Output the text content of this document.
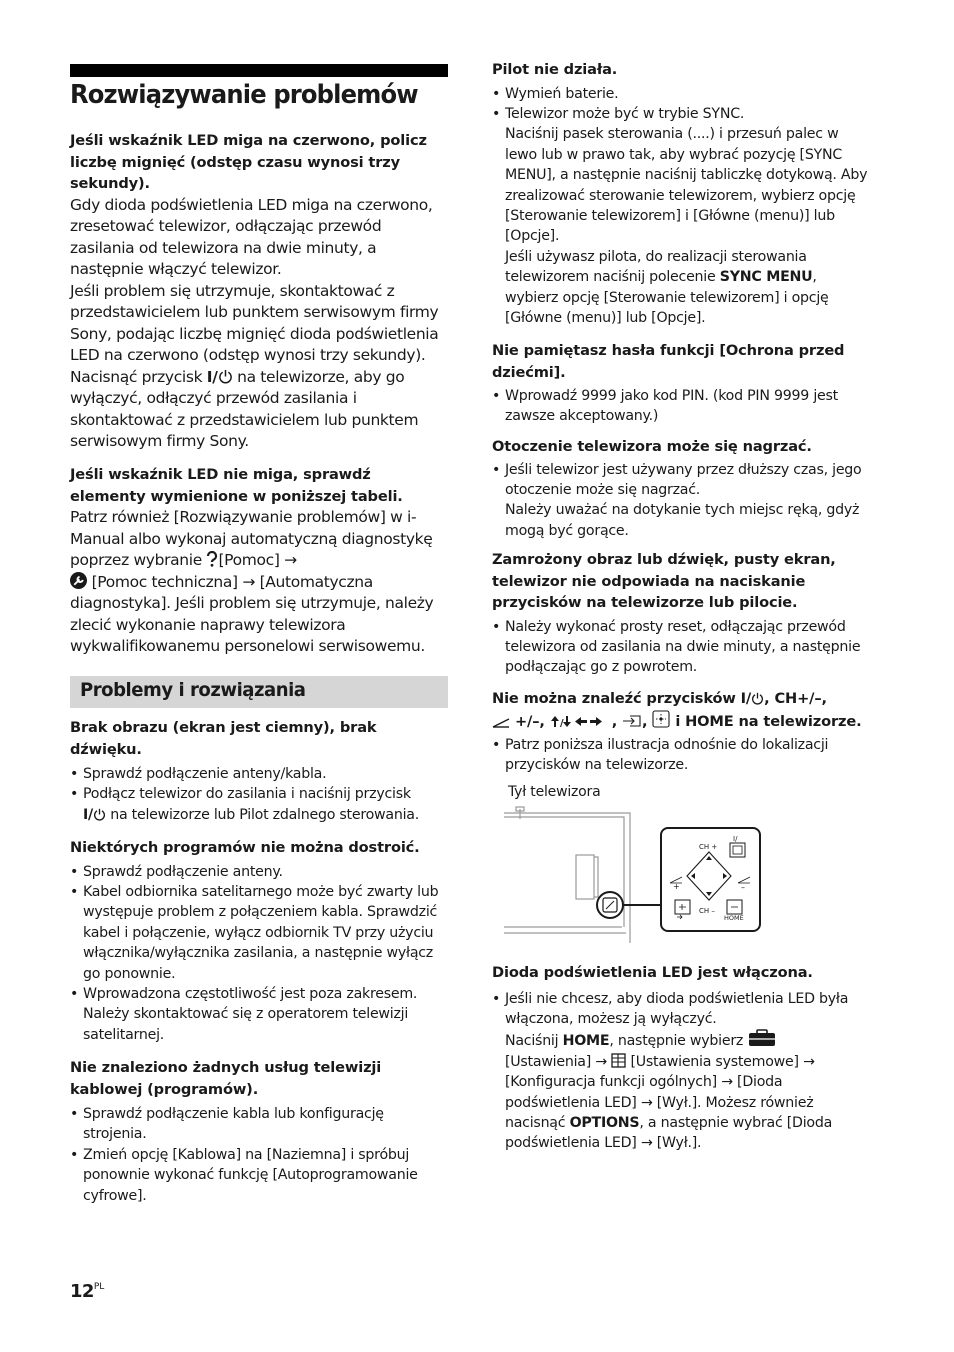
Rozwiązywanie problemów
Jeśli wskaźnik LED miga na czerwono, policz liczbę mignięć (odstęp czasu wynosi trzy sekundy).
Gdy dioda podświetlenia LED miga na czerwono, zresetować telewizor, odłączając przewód zasilania od telewizora na dwie minuty, a następnie włączyć telewizor.
Jeśli problem się utrzymuje, skontaktować z przedstawicielem lub punktem serwisowym firmy Sony, podając liczbę mignięć dioda podświetlenia LED na czerwono (odstęp wynosi trzy sekundy). Nacisnąć przycisk I/ na telewizorze, aby go wyłączyć, odłączyć przewód zasilania i skontaktować z przedstawicielem lub punktem serwisowym firmy Sony.
Jeśli wskaźnik LED nie miga, sprawdź elementy wymienione w poniższej tabeli.
Patrz również [Rozwiązywanie problemów] w i-Manual albo wykonaj automatyczną diagnostykę poprzez wybranie [Pomoc] →
[Pomoc techniczna] → [Automatyczna diagnostyka]. Jeśli problem się utrzymuje, należy zlecić wykonanie naprawy telewizora wykwalifikowanemu personelowi serwisowemu.
Problemy i rozwiązania
Brak obrazu (ekran jest ciemny), brak dźwięku.
• Sprawdź podłączenie anteny/kabla.
• Podłącz telewizor do zasilania i naciśnij przycisk
I/ na telewizorze lub Pilot zdalnego sterowania.
Niektórych programów nie można dostroić.
• Sprawdź podłączenie anteny.
• Kabel odbiornika satelitarnego może być zwarty lub występuje problem z połączeniem kabla. Sprawdzić kabel i połączenie, wyłącz odbiornik TV przy użyciu włącznika/wyłącznika zasilania, a następnie wyłącz go ponownie.
• Wprowadzona częstotliwość jest poza zakresem. Należy skontaktować się z operatorem telewizji satelitarnej.
Nie znaleziono żadnych usług telewizji kablowej (programów).
• Sprawdź podłączenie kabla lub konfigurację strojenia.
• Zmień opcję [Kablowa] na [Naziemna] i spróbuj ponownie wykonać funkcję [Autoprogramowanie cyfrowe].
$12^{PL}$
Pilot nie działa.
• Wymień baterie.
• Telewizor może być w trybie SYNC.
Naciśnij pasek sterowania (....) i przesuń palec w lewo lub w prawo tak, aby wybrać pozycję [SYNC MENU], a następnie naciśnij tabliczkę dotykową. Aby zrealizować sterowanie telewizorem, wybierz opcję [Sterowanie telewizorem] i [Główne (menu)] lub [Opcje].
Jeśli używasz pilota, do realizacji sterowania telewizorem naciśnij polecenie SYNC MENU, wybierz opcję [Sterowanie telewizorem] i opcję [Główne (menu)] lub [Opcje].
Nie pamiętasz hasła funkcji [Ochrona przed dziećmi].
• Wprowadź 9999 jako kod PIN. (kod PIN 9999 jest zawsze akceptowany.)
Otoczenie telewizora może się nagrzać.
• Jeśli telewizor jest używany przez dłuższy czas, jego otoczenie może się nagrzać.
Należy uważać na dotykanie tych miejsc ręką, gdyż mogą być gorące.
Zamrożony obraz lub dźwięk, pusty ekran, telewizor nie odpowiada na naciskanie przycisków na telewizorze lub pilocie.
• Należy wykonać prosty reset, odłączając przewód telewizora od zasilania na dwie minuty, a następnie podłączając go z powrotem.
Nie można znaleźć przycisków I/ , CH+/–,
+/–, /	, , i HOME na telewizorze.
• Patrz poniższa ilustracja odnośnie do lokalizacji przycisków na telewizorze.
Tył telewizora
CH +
CH –
HOME
+	–
I/
Dioda podświetlenia LED jest włączona.
• Jeśli nie chcesz, aby dioda podświetlenia LED była włączona, możesz ją wyłączyć.
Naciśnij HOME, następnie wybierz
[Ustawienia] → [Ustawienia systemowe] → [Konfiguracja funkcji ogólnych] → [Dioda podświetlenia LED] → [Wył.]. Możesz również nacisnąć OPTIONS, a następnie wybrać [Dioda podświetlenia LED] → [Wył.].
